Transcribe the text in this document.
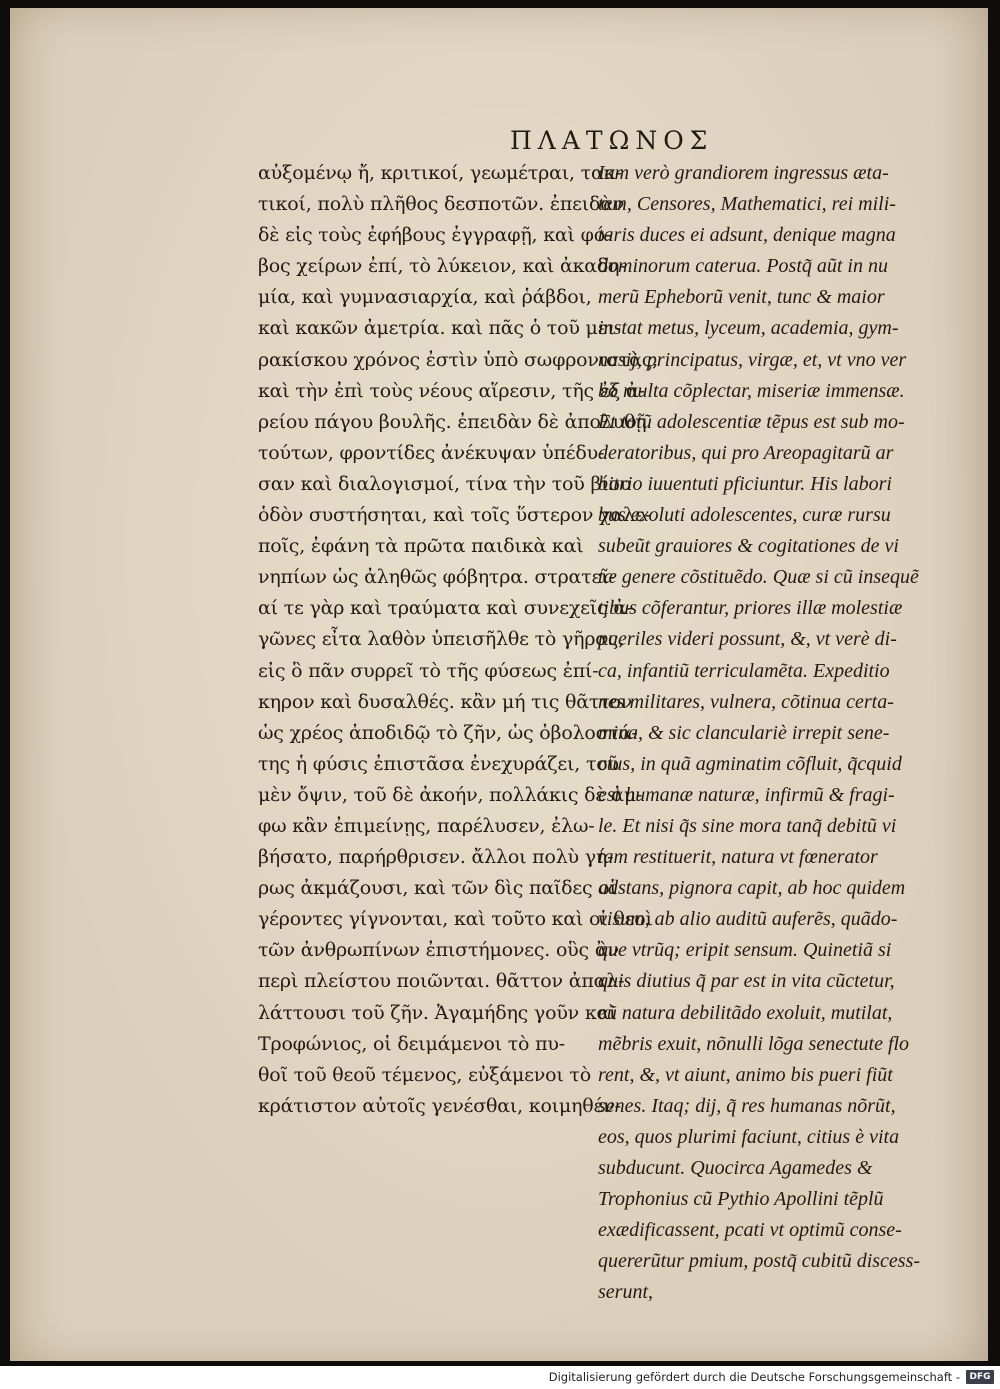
ΠΛΑΤΩΝΟΣ
αὐξομένῳ ἤ, κριτικοί, γεωμέτραι, τακ-
τικοί, πολὺ πλῆθος δεσποτῶν. ἐπειδὰν
δὲ εἰς τοὺς ἐφήβους ἐγγραφῇ, καὶ φό-
βος χείρων ἐπί, τὸ λύκειον, καὶ ἀκαδη-
μία, καὶ γυμνασιαρχία, καὶ ῥάβδοι,
καὶ κακῶν ἀμετρία. καὶ πᾶς ὁ τοῦ μει-
ρακίσκου χρόνος ἐστὶν ὑπὸ σωφρονιστὰς,
καὶ τὴν ἐπὶ τοὺς νέους αἵρεσιν, τῆς ἐξ ἀ-
ρείου πάγου βουλῆς. ἐπειδὰν δὲ ἀπολυθῇ
τούτων, φροντίδες ἀνέκυψαν ὑπέδυ-
σαν καὶ διαλογισμοί, τίνα τὴν τοῦ βίου
ὁδὸν συστήσηται, καὶ τοῖς ὕστερον χαλε-
ποῖς, ἐφάνη τὰ πρῶτα παιδικὰ καὶ
νηπίων ὡς ἀληθῶς φόβητρα. στρατεῖ-
αί τε γὰρ καὶ τραύματα καὶ συνεχεῖς ἀ-
γῶνες εἶτα λαθὸν ὑπεισῆλθε τὸ γῆρας,
εἰς ὃ πᾶν συρρεῖ τὸ τῆς φύσεως ἐπί-
κηρον καὶ δυσαλθές. κἂν μή τις θᾶττον
ὡς χρέος ἀποδιδῷ τὸ ζῆν, ὡς ὀβολοστά-
της ἡ φύσις ἐπιστᾶσα ἐνεχυράζει, τοῦ
μὲν ὄψιν, τοῦ δὲ ἀκοήν, πολλάκις δὲ ἀμ-
φω κἂν ἐπιμείνῃς, παρέλυσεν, ἐλω-
βήσατο, παρήρθρισεν. ἄλλοι πολὺ γή-
ρως ἀκμάζουσι, καὶ τῶν δὶς παῖδες οἱ
γέροντες γίγνονται, καὶ τοῦτο καὶ οἱ θεοὶ
τῶν ἀνθρωπίνων ἐπιστήμονες. οὓς ἂν
περὶ πλείστου ποιῶνται. θᾶττον ἀπαλ-
λάττουσι τοῦ ζῆν. Ἀγαμήδης γοῦν καὶ
Τροφώνιος, οἱ δειμάμενοι τὸ πυ-
θοῖ τοῦ θεοῦ τέμενος, εὐξάμενοι τὸ
κράτιστον αὐτοῖς γενέσθαι, κοιμηθέν-
Iam verò grandiorem ingressus ætа-
tem, Censores, Mathematici, rei mili-
taris duces ei adsunt, denique magna
dominorum caterua. Postq̃ aũt in nu
merũ Epheborũ venit, tunc & maior
instat metus, lyceum, academia, gym-
nasij, principatus, virgæ, et, vt vno ver
bo multa cõplectar, miseriæ immensæ.
Et totũ adolescentiæ tẽpus est sub mo-
deratoribus, qui pro Areopagitarũ ar
bitrio iuuentuti pficiuntur. His labori
bus exoluti adolescentes, curæ rursu
subeũt grauiores & cogitationes de vi
tæ genere cõstituẽdo. Quæ si cũ insequẽ
tibus cõferantur, priores illæ molestiæ
pueriles videri possunt, &, vt verè di-
ca, infantiũ terriculamẽta. Expeditio
nes militares, vulnera, cõtinua certa-
mina, & sic clanculariè irrepit sene-
ctus, in quã agminatim cõfluit, q̃cquid
est humanæ naturæ, infirmũ & fragi-
le. Et nisi q̃s sine mora tanq̃ debitũ vi
tam restituerit, natura vt fœnerator
adstans, pignora capit, ab hoc quidem
visum, ab alio auditũ auferẽs, quãdo-
que vtrũq; eripit sensum. Quinetiã si
quis diutius q̃ par est in vita cũctetur,
eũ natura debilitãdo exoluit, mutilat,
mẽbris exuit, nõnulli lõga senectute flo
rent, &, vt aiunt, animo bis pueri fiũt
senes. Itaq; dij, q̃ res humanas nõrũt,
eos, quos plurimi faciunt, citius è vita
subducunt. Quocirca Agamedes &
Trophonius cũ Pythio Apollini tẽplũ
exædificassent, pcati vt optimũ conse-
quererũtur pmium, postq̃ cubitũ discess-
serunt,
Digitalisierung gefördert durch die Deutsche Forschungsgemeinschaft -	DFG
